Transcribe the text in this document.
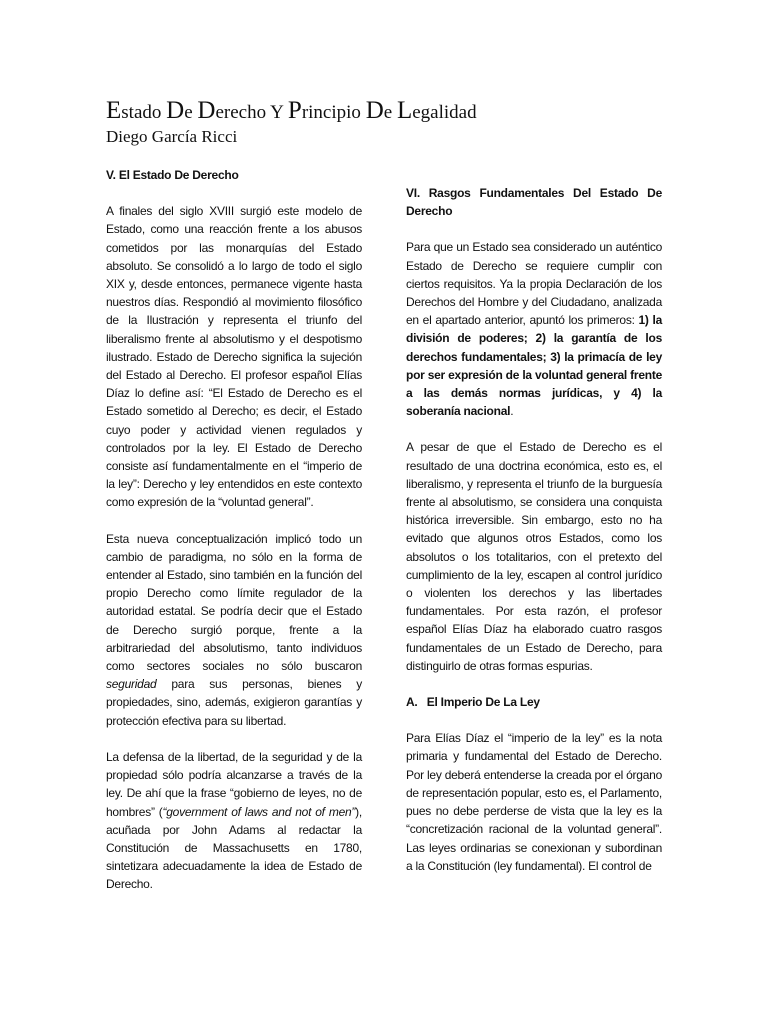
Estado De Derecho Y Principio De Legalidad
Diego García Ricci
V. El Estado De Derecho

A finales del siglo XVIII surgió este modelo de Estado, como una reacción frente a los abusos cometidos por las monarquías del Estado absoluto. Se consolidó a lo largo de todo el siglo XIX y, desde entonces, permanece vigente hasta nuestros días. Respondió al movimiento filosófico de la Ilustración y representa el triunfo del liberalismo frente al absolutismo y el despotismo ilustrado. Estado de Derecho significa la sujeción del Estado al Derecho. El profesor español Elías Díaz lo define así: “El Estado de Derecho es el Estado sometido al Derecho; es decir, el Estado cuyo poder y actividad vienen regulados y controlados por la ley. El Estado de Derecho consiste así fundamentalmente en el “imperio de la ley”: Derecho y ley entendidos en este contexto como expresión de la “voluntad general”.

Esta nueva conceptualización implicó todo un cambio de paradigma, no sólo en la forma de entender al Estado, sino también en la función del propio Derecho como límite regulador de la autoridad estatal. Se podría decir que el Estado de Derecho surgió porque, frente a la arbitrariedad del absolutismo, tanto individuos como sectores sociales no sólo buscaron seguridad para sus personas, bienes y propiedades, sino, además, exigieron garantías y protección efectiva para su libertad.

La defensa de la libertad, de la seguridad y de la propiedad sólo podría alcanzarse a través de la ley. De ahí que la frase “gobierno de leyes, no de hombres” (“government of laws and not of men”), acuñada por John Adams al redactar la Constitución de Massachusetts en 1780, sintetizara adecuadamente la idea de Estado de Derecho.

VI. Rasgos Fundamentales Del Estado De Derecho

Para que un Estado sea considerado un auténtico Estado de Derecho se requiere cumplir con ciertos requisitos. Ya la propia Declaración de los Derechos del Hombre y del Ciudadano, analizada en el apartado anterior, apuntó los primeros: 1) la división de poderes; 2) la garantía de los derechos fundamentales; 3) la primacía de ley por ser expresión de la voluntad general frente a las demás normas jurídicas, y 4) la soberanía nacional.

A pesar de que el Estado de Derecho es el resultado de una doctrina económica, esto es, el liberalismo, y representa el triunfo de la burguesía frente al absolutismo, se considera una conquista histórica irreversible. Sin embargo, esto no ha evitado que algunos otros Estados, como los absolutos o los totalitarios, con el pretexto del cumplimiento de la ley, escapen al control jurídico o violenten los derechos y las libertades fundamentales. Por esta razón, el profesor español Elías Díaz ha elaborado cuatro rasgos fundamentales de un Estado de Derecho, para distinguirlo de otras formas espurias.

A.   El Imperio De La Ley

Para Elías Díaz el “imperio de la ley” es la nota primaria y fundamental del Estado de Derecho. Por ley deberá entenderse la creada por el órgano de representación popular, esto es, el Parlamento, pues no debe perderse de vista que la ley es la “concretización racional de la voluntad general”. Las leyes ordinarias se conexionan y subordinan a la Constitución (ley fundamental). El control de
